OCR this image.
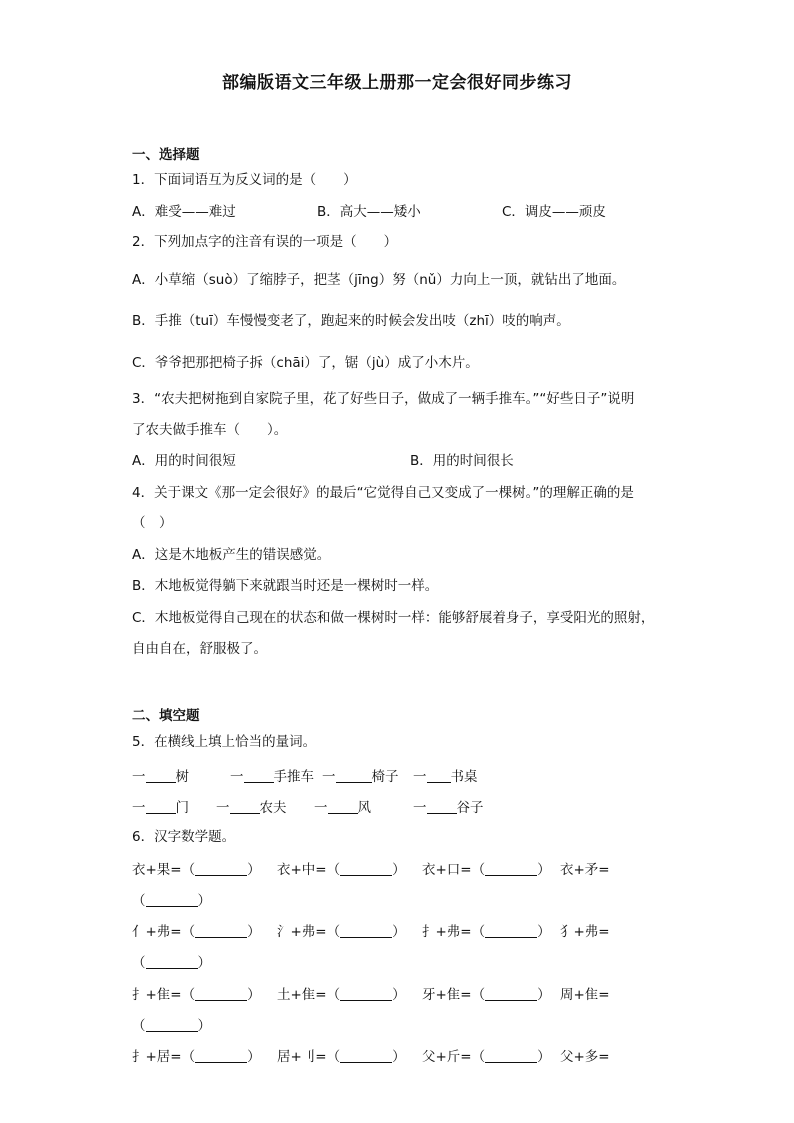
部编版语文三年级上册那一定会很好同步练习
一、选择题
1．下面词语互为反义词的是（　　）
A．难受——难过	B．高大——矮小	C．调皮——顽皮
2．下列加点字的注音有误的一项是（　　）
A．小草缩（suò）了缩脖子，把茎（jīng）努（nǔ）力向上一顶，就钻出了地面。
B．手推（tuī）车慢慢变老了，跑起来的时候会发出吱（zhī）吱的响声。
C．爷爷把那把椅子拆（chāi）了，锯（jù）成了小木片。
3．“农夫把树拖到自家院子里，花了好些日子，做成了一辆手推车。”“好些日子”说明
了农夫做手推车（　　）。
A．用的时间很短	B．用的时间很长
4．关于课文《那一定会很好》的最后“它觉得自己又变成了一棵树。”的理解正确的是
（　）
A．这是木地板产生的错误感觉。
B．木地板觉得躺下来就跟当时还是一棵树时一样。
C．木地板觉得自己现在的状态和做一棵树时一样：能够舒展着身子，享受阳光的照射，
自由自在，舒服极了。
二、填空题
5．在横线上填上恰当的量词。
一 树	一 手推车 一	椅子 一 书桌
一 门 一 农夫 一 风	一 谷子
6．汉字数学题。
衣+果=（	） 衣+中=（	） 衣+口=（	） 衣+矛=
（	）
亻+弗=（	） 氵+弗=（	） 扌+弗=（	） 犭+弗=
（	）
扌+隹=（	） 土+隹=（	） 牙+隹=（	） 周+隹=
（	）
扌+居=（	） 居+刂=（	） 父+斤=（	） 父+多=
